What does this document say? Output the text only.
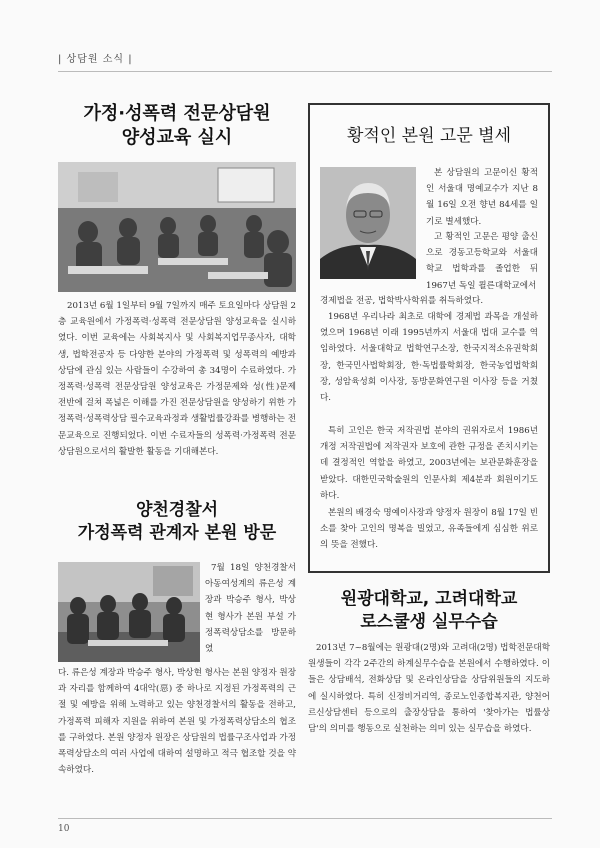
| 상담원 소식 |
가정·성폭력 전문상담원
양성교육 실시
2013년 6월 1일부터 9월 7일까지 매주 토요일마다 상담원 2층 교육원에서 가정폭력·성폭력 전문상담원 양성교육을 실시하였다. 이번 교육에는 사회복지사 및 사회복지업무종사자, 대학생, 법학전공자 등 다양한 분야의 가정폭력 및 성폭력의 예방과 상담에 관심 있는 사람들이 수강하여 총 34명이 수료하였다. 가정폭력·성폭력 전문상담원 양성교육은 가정문제와 성(性)문제 전반에 걸쳐 폭넓은 이해를 가진 전문상담원을 양성하기 위한 가정폭력·성폭력상담 필수교육과정과 생활법률강좌를 병행하는 전문교육으로 진행되었다. 이번 수료자들의 성폭력·가정폭력 전문상담원으로서의 활발한 활동을 기대해본다.
양천경찰서
가정폭력 관계자 본원 방문
7월 18일 양천경찰서 아동여성계의 류은성 계장과 박승주 형사, 박상현 형사가 본원 부설 가정폭력상담소를 방문하였
다. 류은성 계장과 박승주 형사, 박상현 형사는 본원 양정자 원장과 자리를 함께하여 4대악(惡) 중 하나로 지정된 가정폭력의 근절 및 예방을 위해 노력하고 있는 양천경찰서의 활동을 전하고, 가정폭력 피해자 지원을 위하여 본원 및 가정폭력상담소의 협조를 구하였다. 본원 양정자 원장은 상담원의 법률구조사업과 가정폭력상담소의 여러 사업에 대하여 설명하고 적극 협조할 것을 약속하였다.
황적인 본원 고문 별세
본 상담원의 고문이신 황적인 서울대 명예교수가 지난 8월 16일 오전 향년 84세를 일기로 별세했다.
고 황적인 고문은 평양 출신으로 경동고등학교와 서울대학교 법학과를 졸업한 뒤 1967년 독일 쾰른대학교에서
경제법을 전공, 법학박사학위를 취득하였다.
1968년 우리나라 최초로 대학에 경제법 과목을 개설하였으며 1968년 이래 1995년까지 서울대 법대 교수를 역임하였다. 서울대학교 법학연구소장, 한국지적소유권학회장, 한국민사법학회장, 한·독법률학회장, 한국농업법학회장, 성암육성회 이사장, 동방문화연구원 이사장 등을 거쳤다.
특히 고인은 한국 저작권법 분야의 권위자로서 1986년 개정 저작권법에 저작권자 보호에 관한 규정을 존치시키는데 결정적인 역할을 하였고, 2003년에는 보관문화훈장을 받았다. 대한민국학술원의 인문사회 제4분과 회원이기도 하다.
본원의 배경숙 명예이사장과 양정자 원장이 8월 17일 빈소를 찾아 고인의 명복을 빌었고, 유족들에게 심심한 위로의 뜻을 전했다.
원광대학교, 고려대학교
로스쿨생 실무수습
2013년 7~8월에는 원광대(2명)와 고려대(2명) 법학전문대학원생들이 각각 2주간의 하계실무수습을 본원에서 수행하였다. 이들은 상담배석, 전화상담 및 온라인상담을 상담위원들의 지도하에 실시하였다. 특히 신정비거리역, 종로노인종합복지관, 양천어르신상담센터 등으로의 출장상담을 통하여 '찾아가는 법률상담'의 의미를 행동으로 실천하는 의미 있는 실무습을 하였다.
10
